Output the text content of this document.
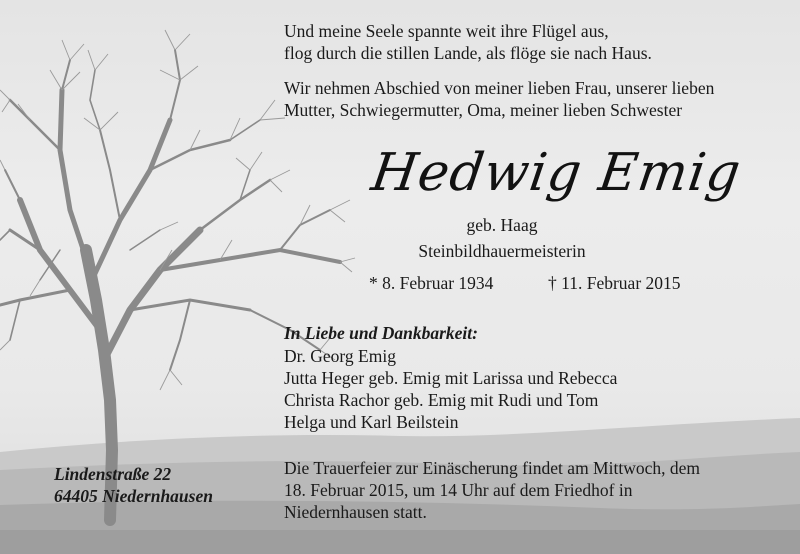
Und meine Seele spannte weit ihre Flügel aus,
flog durch die stillen Lande, als flöge sie nach Haus.
Wir nehmen Abschied von meiner lieben Frau, unserer lieben
Mutter, Schwiegermutter, Oma, meiner lieben Schwester
Hedwig Emig
geb. Haag
Steinbildhauermeisterin
* 8. Februar 1934	† 11. Februar 2015
In Liebe und Dankbarkeit:
Dr. Georg Emig
Jutta Heger geb. Emig mit Larissa und Rebecca
Christa Rachor geb. Emig mit Rudi und Tom
Helga und Karl Beilstein
Lindenstraße 22
64405 Niedernhausen
Die Trauerfeier zur Einäscherung findet am Mittwoch, dem
18. Februar 2015, um 14 Uhr auf dem Friedhof in
Niedernhausen statt.
